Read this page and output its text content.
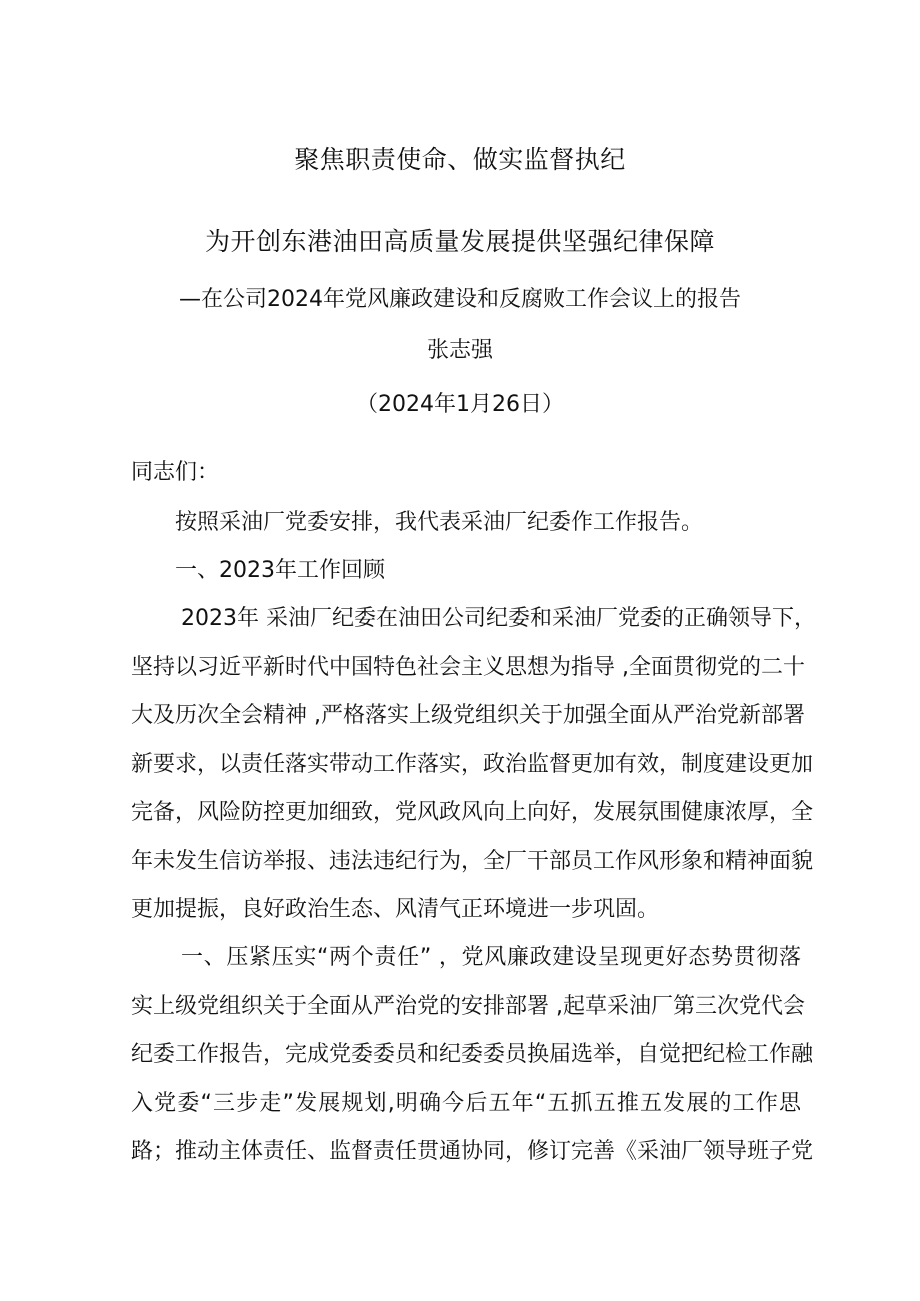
聚焦职责使命、做实监督执纪
为开创东港油田高质量发展提供坚强纪律保障
—在公司2024年党风廉政建设和反腐败工作会议上的报告
张志强
（2024年1月26日）
同志们：
按照采油厂党委安排，我代表采油厂纪委作工作报告。
一、2023年工作回顾
2023年 采油厂纪委在油田公司纪委和采油厂党委的正确领导下，
坚持以习近平新时代中国特色社会主义思想为指导 ,全面贯彻党的二十
大及历次全会精神 ,严格落实上级党组织关于加强全面从严治党新部署
新要求，以责任落实带动工作落实，政治监督更加有效，制度建设更加
完备，风险防控更加细致，党风政风向上向好，发展氛围健康浓厚，全
年未发生信访举报、违法违纪行为，全厂干部员工作风形象和精神面貌
更加提振，良好政治生态、风清气正环境进一步巩固。
一、压紧压实“两个责任” ，党风廉政建设呈现更好态势贯彻落
实上级党组织关于全面从严治党的安排部署 ,起草采油厂第三次党代会
纪委工作报告，完成党委委员和纪委委员换届选举，自觉把纪检工作融
入党委“三步走”发展规划,明确今后五年“五抓五推五发展的工作思
路；推动主体责任、监督责任贯通协同，修订完善《采油厂领导班子党
